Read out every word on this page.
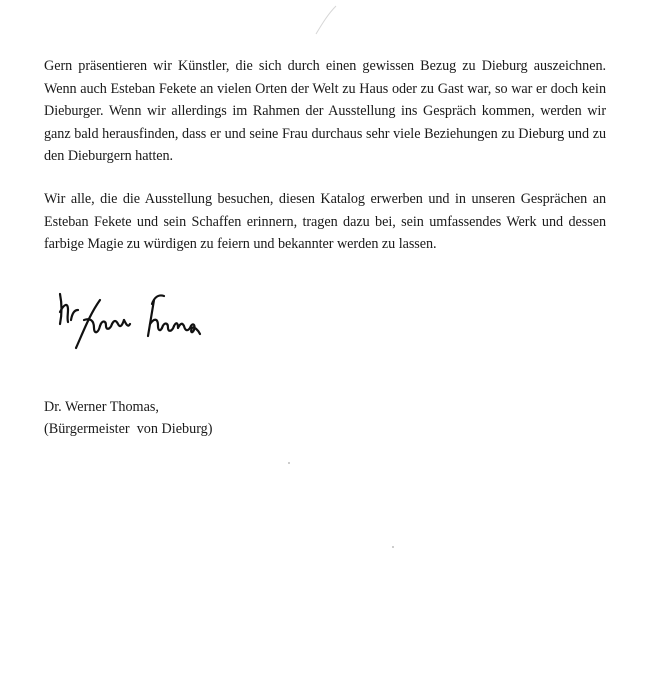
Gern präsentieren wir Künstler, die sich durch einen gewissen Bezug zu Dieburg auszeichnen. Wenn auch Esteban Fekete an vielen Orten der Welt zu Haus oder zu Gast war, so war er doch kein Dieburger. Wenn wir allerdings im Rahmen der Ausstellung ins Gespräch kommen, werden wir ganz bald herausfinden, dass er und seine Frau durchaus sehr viele Beziehungen zu Dieburg und zu den Dieburgern hatten.

Wir alle, die die Ausstellung besuchen, diesen Katalog erwerben und in unseren Gesprächen an Esteban Fekete und sein Schaffen erinnern, tragen dazu bei, sein umfassendes Werk und dessen farbige Magie zu würdigen zu feiern und bekannter werden zu lassen.

Dr. Werner Thomas,

(Bürgermeister  von Dieburg)
